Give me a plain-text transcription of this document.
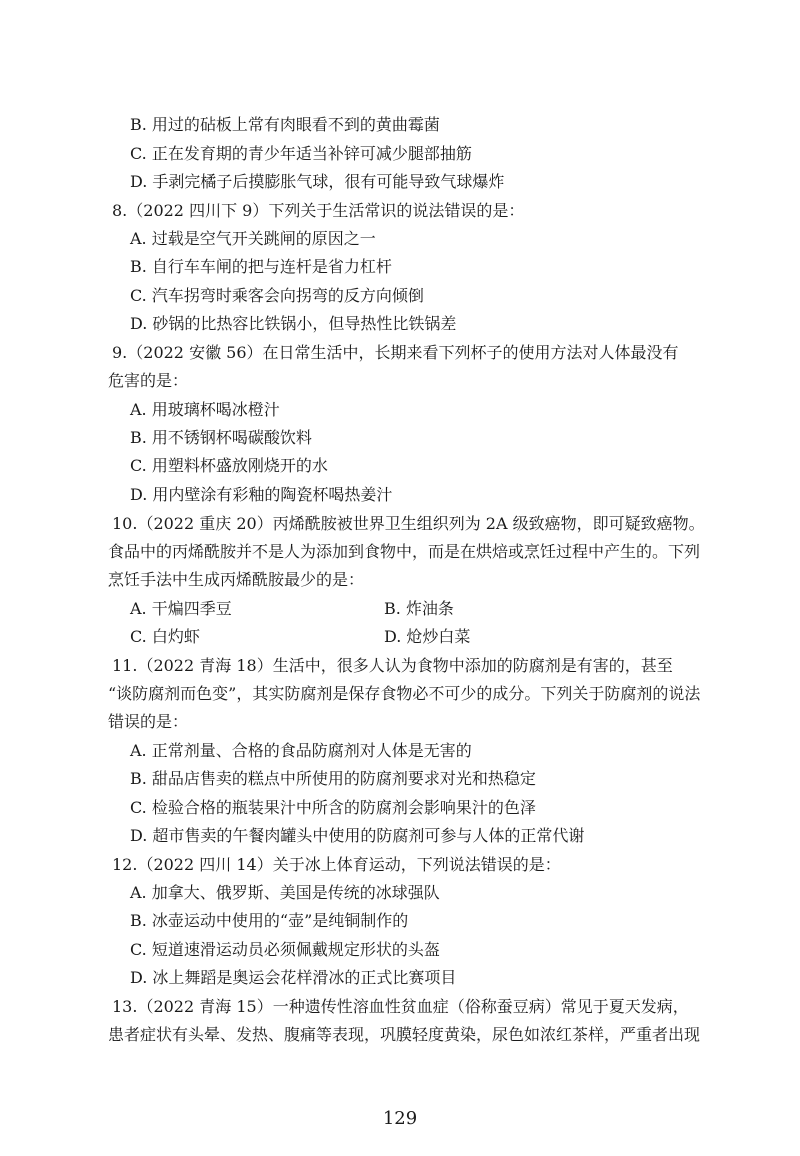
B. 用过的砧板上常有肉眼看不到的黄曲霉菌
C. 正在发育期的青少年适当补锌可减少腿部抽筋
D. 手剥完橘子后摸膨胀气球，很有可能导致气球爆炸
8.（2022 四川下 9）下列关于生活常识的说法错误的是：
A. 过载是空气开关跳闸的原因之一
B. 自行车车闸的把与连杆是省力杠杆
C. 汽车拐弯时乘客会向拐弯的反方向倾倒
D. 砂锅的比热容比铁锅小，但导热性比铁锅差
9.（2022 安徽 56）在日常生活中，长期来看下列杯子的使用方法对人体最没有
危害的是：
A. 用玻璃杯喝冰橙汁
B. 用不锈钢杯喝碳酸饮料
C. 用塑料杯盛放刚烧开的水
D. 用内壁涂有彩釉的陶瓷杯喝热姜汁
10.（2022 重庆 20）丙烯酰胺被世界卫生组织列为 2A 级致癌物，即可疑致癌物。
食品中的丙烯酰胺并不是人为添加到食物中，而是在烘焙或烹饪过程中产生的。下列
烹饪手法中生成丙烯酰胺最少的是：
A. 干煸四季豆	B. 炸油条
C. 白灼虾	D. 炝炒白菜
11.（2022 青海 18）生活中，很多人认为食物中添加的防腐剂是有害的，甚至
“谈防腐剂而色变”，其实防腐剂是保存食物必不可少的成分。下列关于防腐剂的说法
错误的是：
A. 正常剂量、合格的食品防腐剂对人体是无害的
B. 甜品店售卖的糕点中所使用的防腐剂要求对光和热稳定
C. 检验合格的瓶装果汁中所含的防腐剂会影响果汁的色泽
D. 超市售卖的午餐肉罐头中使用的防腐剂可参与人体的正常代谢
12.（2022 四川 14）关于冰上体育运动，下列说法错误的是：
A. 加拿大、俄罗斯、美国是传统的冰球强队
B. 冰壶运动中使用的“壶”是纯铜制作的
C. 短道速滑运动员必须佩戴规定形状的头盔
D. 冰上舞蹈是奥运会花样滑冰的正式比赛项目
13.（2022 青海 15）一种遗传性溶血性贫血症（俗称蚕豆病）常见于夏天发病，
患者症状有头晕、发热、腹痛等表现，巩膜轻度黄染，尿色如浓红茶样，严重者出现
129
